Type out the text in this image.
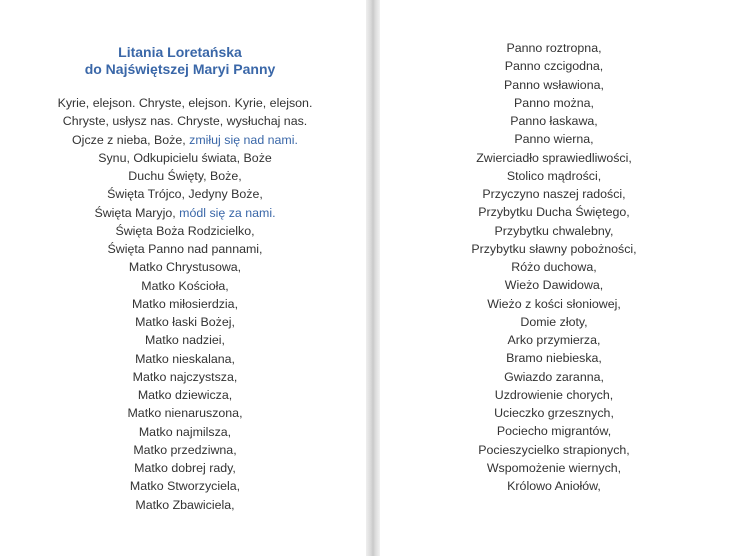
Litania Loretańska
do Najświętszej Maryi Panny
Kyrie, elejson. Chryste, elejson. Kyrie, elejson.
Chryste, usłysz nas. Chryste, wysłuchaj nas.
Ojcze z nieba, Boże, zmiłuj się nad nami.
Synu, Odkupicielu świata, Boże
Duchu Święty, Boże,
Święta Trójco, Jedyny Boże,
Święta Maryjo, módl się za nami.
Święta Boża Rodzicielko,
Święta Panno nad pannami,
Matko Chrystusowa,
Matko Kościoła,
Matko miłosierdzia,
Matko łaski Bożej,
Matko nadziei,
Matko nieskalana,
Matko najczystsza,
Matko dziewicza,
Matko nienaruszona,
Matko najmilsza,
Matko przedziwna,
Matko dobrej rady,
Matko Stworzyciela,
Matko Zbawiciela,
Panno roztropna,
Panno czcigodna,
Panno wsławiona,
Panno można,
Panno łaskawa,
Panno wierna,
Zwierciadło sprawiedliwości,
Stolico mądrości,
Przyczyno naszej radości,
Przybytku Ducha Świętego,
Przybytku chwalebny,
Przybytku sławny pobożności,
Różo duchowa,
Wieżo Dawidowa,
Wieżo z kości słoniowej,
Domie złoty,
Arko przymierza,
Bramo niebieska,
Gwiazdo zaranna,
Uzdrowienie chorych,
Ucieczko grzesznych,
Pociecho migrantów,
Pocieszycielko strapionych,
Wspomożenie wiernych,
Królowo Aniołów,
